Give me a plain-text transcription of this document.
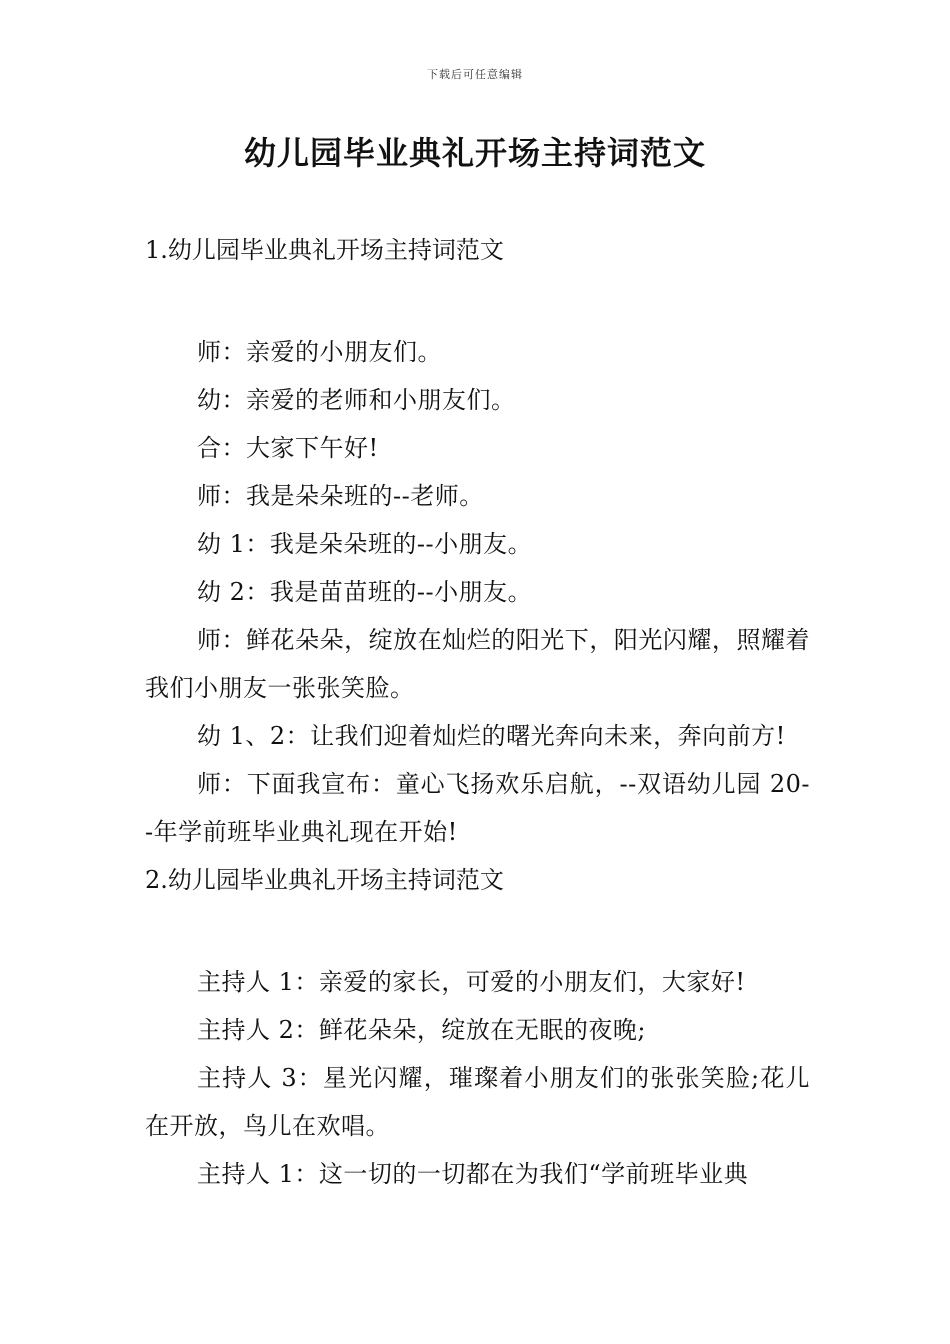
下载后可任意编辑
幼儿园毕业典礼开场主持词范文

1.幼儿园毕业典礼开场主持词范文

师：亲爱的小朋友们。

幼：亲爱的老师和小朋友们。

合：大家下午好!

师：我是朵朵班的--老师。

幼 1：我是朵朵班的--小朋友。

幼 2：我是苗苗班的--小朋友。

师：鲜花朵朵，绽放在灿烂的阳光下，阳光闪耀，照耀着我们小朋友一张张笑脸。

幼 1、2：让我们迎着灿烂的曙光奔向未来，奔向前方!

师：下面我宣布：童心飞扬欢乐启航，--双语幼儿园 20--年学前班毕业典礼现在开始!

2.幼儿园毕业典礼开场主持词范文

主持人 1：亲爱的家长，可爱的小朋友们，大家好!

主持人 2：鲜花朵朵，绽放在无眠的夜晚;

主持人 3：星光闪耀，璀璨着小朋友们的张张笑脸;花儿在开放，鸟儿在欢唱。

主持人 1：这一切的一切都在为我们“学前班毕业典
